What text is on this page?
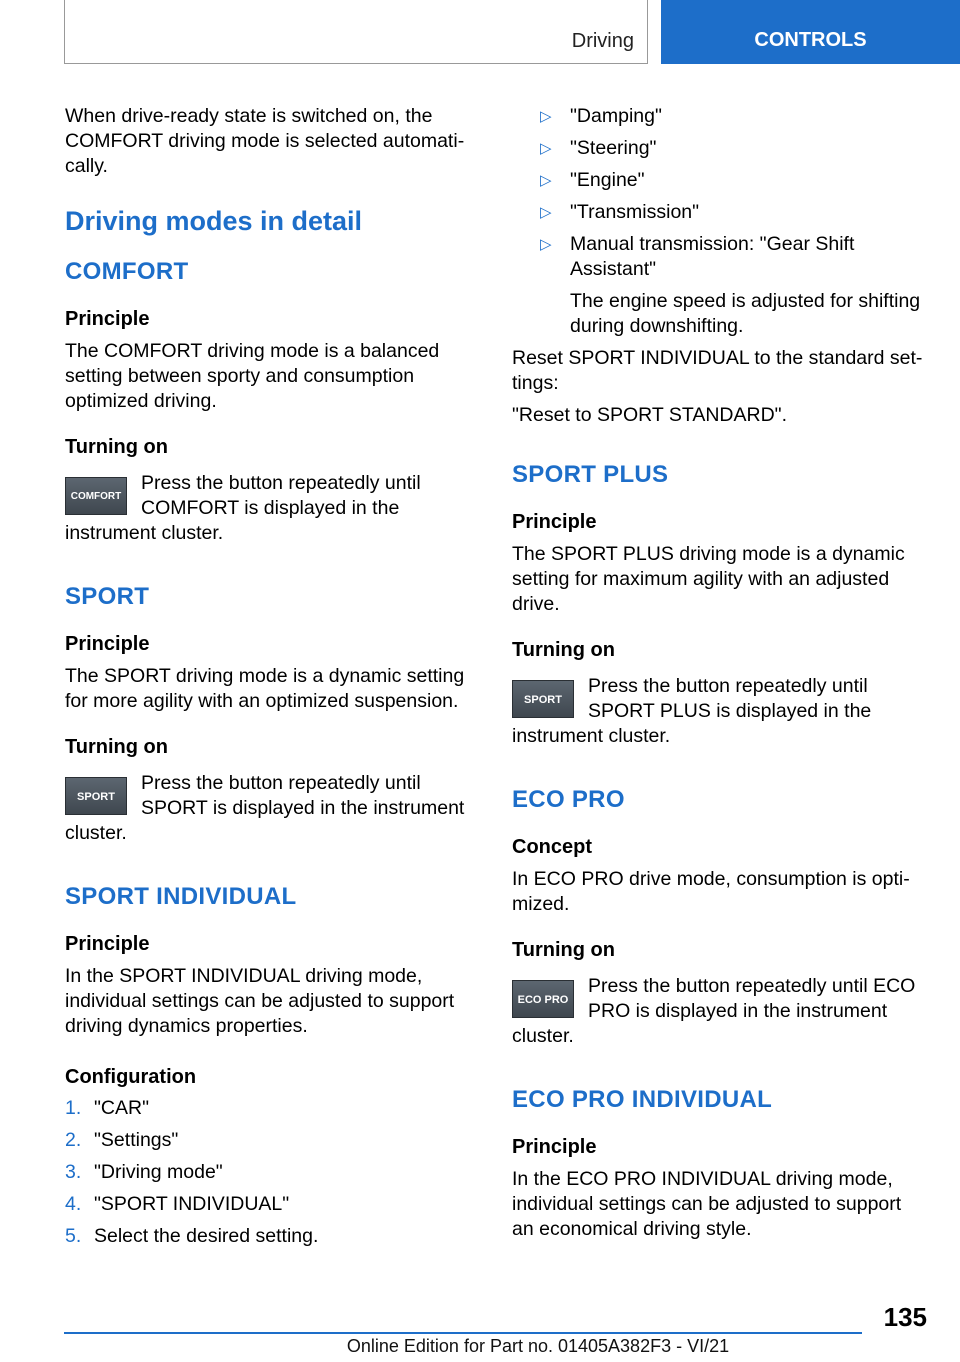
Driving	CONTROLS

When drive-ready state is switched on, the COMFORT driving mode is selected automatically.

Driving modes in detail

COMFORT

Principle

The COMFORT driving mode is a balanced setting between sporty and consumption optimized driving.

Turning on

COMFORT

Press the button repeatedly until COMFORT is displayed in the instrument cluster.

SPORT

Principle

The SPORT driving mode is a dynamic setting for more agility with an optimized suspension.

Turning on

SPORT

Press the button repeatedly until SPORT is displayed in the instrument cluster.

SPORT INDIVIDUAL

Principle

In the SPORT INDIVIDUAL driving mode, individual settings can be adjusted to support driving dynamics properties.

Configuration

1. "CAR"
2. "Settings"
3. "Driving mode"
4. "SPORT INDIVIDUAL"
5. Select the desired setting.
▷ "Damping"
▷ "Steering"
▷ "Engine"
▷ "Transmission"
▷ Manual transmission: "Gear Shift Assistant"

The engine speed is adjusted for shifting during downshifting.

Reset SPORT INDIVIDUAL to the standard settings:

"Reset to SPORT STANDARD".

SPORT PLUS

Principle

The SPORT PLUS driving mode is a dynamic setting for maximum agility with an adjusted drive.

Turning on

SPORT

Press the button repeatedly until SPORT PLUS is displayed in the instrument cluster.

ECO PRO

Concept

In ECO PRO drive mode, consumption is optimized.

Turning on

ECO PRO

Press the button repeatedly until ECO PRO is displayed in the instrument cluster.

ECO PRO INDIVIDUAL

Principle

In the ECO PRO INDIVIDUAL driving mode, individual settings can be adjusted to support an economical driving style.

135
Online Edition for Part no. 01405A382F3 - VI/21
